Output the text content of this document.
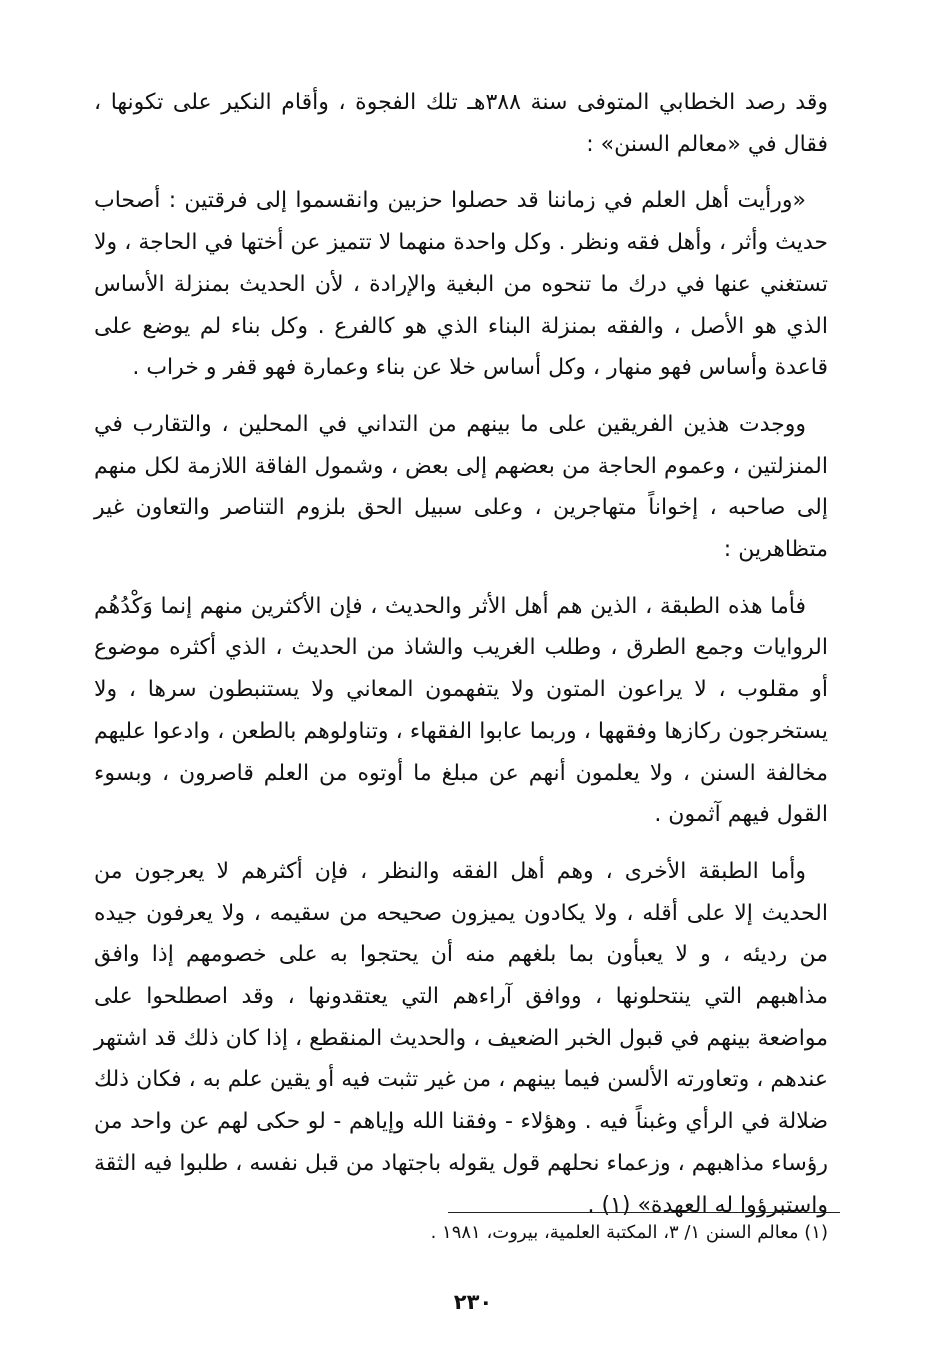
وقد رصد الخطابي المتوفى سنة ٣٨٨هـ تلك الفجوة ، وأقام النكير على تكونها ، فقال في «معالم السنن» :

«ورأيت أهل العلم في زماننا قد حصلوا حزبين وانقسموا إلى فرقتين : أصحاب حديث وأثر ، وأهل فقه ونظر . وكل واحدة منهما لا تتميز عن أختها في الحاجة ، ولا تستغني عنها في درك ما تنحوه من البغية والإرادة ، لأن الحديث بمنزلة الأساس الذي هو الأصل ، والفقه بمنزلة البناء الذي هو كالفرع . وكل بناء لم يوضع على قاعدة وأساس فهو منهار ، وكل أساس خلا عن بناء وعمارة فهو قفر و خراب .

ووجدت هذين الفريقين على ما بينهم من التداني في المحلين ، والتقارب في المنزلتين ، وعموم الحاجة من بعضهم إلى بعض ، وشمول الفاقة اللازمة لكل منهم إلى صاحبه ، إخواناً متهاجرين ، وعلى سبيل الحق بلزوم التناصر والتعاون غير متظاهرين :

فأما هذه الطبقة ، الذين هم أهل الأثر والحديث ، فإن الأكثرين منهم إنما وَكْدُهُم الروايات وجمع الطرق ، وطلب الغريب والشاذ من الحديث ، الذي أكثره موضوع أو مقلوب ، لا يراعون المتون ولا يتفهمون المعاني ولا يستنبطون سرها ، ولا يستخرجون ركازها وفقهها ، وربما عابوا الفقهاء ، وتناولوهم بالطعن ، وادعوا عليهم مخالفة السنن ، ولا يعلمون أنهم عن مبلغ ما أوتوه من العلم قاصرون ، وبسوء القول فيهم آثمون .

وأما الطبقة الأخرى ، وهم أهل الفقه والنظر ، فإن أكثرهم لا يعرجون من الحديث إلا على أقله ، ولا يكادون يميزون صحيحه من سقيمه ، ولا يعرفون جيده من رديئه ، و لا يعبأون بما بلغهم منه أن يحتجوا به على خصومهم إذا وافق مذاهبهم التي ينتحلونها ، ووافق آراءهم التي يعتقدونها ، وقد اصطلحوا على مواضعة بينهم في قبول الخبر الضعيف ، والحديث المنقطع ، إذا كان ذلك قد اشتهر عندهم ، وتعاورته الألسن فيما بينهم ، من غير تثبت فيه أو يقين علم به ، فكان ذلك ضلالة في الرأي وغبناً فيه . وهؤلاء - وفقنا الله وإياهم - لو حكى لهم عن واحد من رؤساء مذاهبهم ، وزعماء نحلهم قول يقوله باجتهاد من قبل نفسه ، طلبوا فيه الثقة واستبرؤوا له العهدة» (١) .

(١) معالم السنن ١/ ٣، المكتبة العلمية، بيروت، ١٩٨١ .
٢٣٠
